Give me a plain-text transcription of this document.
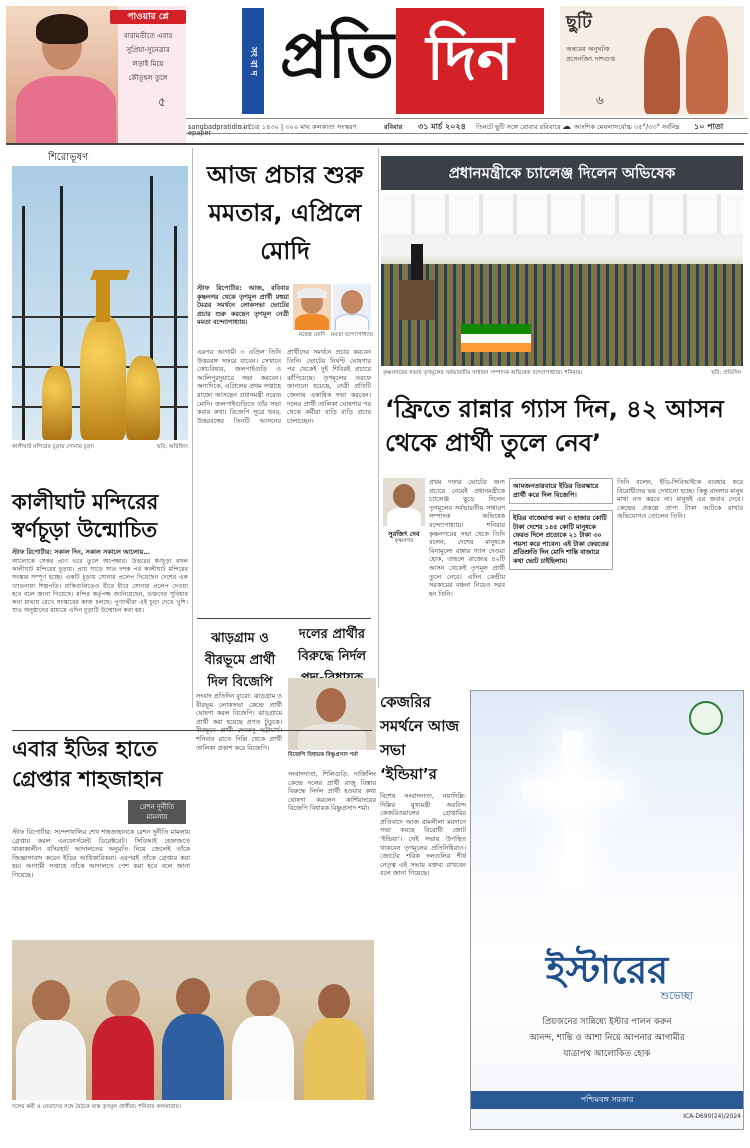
পাওয়ার প্লে
বারামতীতে এবার
সুপ্রিয়া-সুনেত্রার
লড়াই মিয়ে
কৌতূহল তুঙ্গে
৫
সং বা দ প্রতি দিন	ছুটি
অন্তরের অনুঘটক
প্রসেনজিৎ দাশগুপ্ত
৬
sangbadpratidin.in
epaper
১২ চৈত্র ১৪৩০ | ৩০০ মাঘ কলকাতা সংস্করণ	রবিবার ৩১ মার্চ ২০২৪ তিনটে ছুটি সঙ্গে রোবার রবিবারে ☁ আংশিক মেঘলা সর্বোচ্চ ৩৫°/৩৩° সর্বনিম্ন ১০ পাতা
শিরোভূষণ
কালীঘাট মন্দিরের চূড়ায় সোনার চূড়া।	ছবি: অরিজিৎ
কালীঘাট মন্দিরের স্বর্ণচূড়া উন্মোচিত
স্টাফ রিপোর্টার: সকাল দিন, সকাল সকালে আলোয়…
আলোকে সেকর প্রাণ ভরে তুলে অপেক্ষার। উত্তরের স্বর্ণচূড়া বসল কালীঘাট মন্দিরের চূড়ায়। প্রায় সাড়ে সাত দশক পর কালীঘাট মন্দিরের সংস্কার সম্পূর্ণ হচ্ছে। একটি চূড়ায় সোনার প্রলেপ দিয়েছেন দেশের এক খ্যাতনামা শিল্পপতি। বাকিগুলিতেও ধীরে ধীরে সোনার প্রলেপ দেওয়া হবে বলে জানা গিয়েছে। মন্দির কর্তৃপক্ষ জানিয়েছেন, ভক্তদের সুবিধার কথা মাথায় রেখে সংস্কারের কাজ চলছে। পুণ্যার্থীরা এই চূড়া দেখে খুশি। শুভ অনুষ্ঠানের মাধ্যমে এদিন চূড়াটি উন্মোচন করা হয়।
আজ প্রচার শুরু মমতার, এপ্রিলে মোদি
স্টাফ রিপোর্টার: আজ, রবিবার কৃষ্ণনগর থেকে তৃণমূল প্রার্থী মহুয়া মৈত্রর সমর্থনে লোকসভা ভোটের প্রচার শুরু করছেন তৃণমূল নেত্রী মমতা বন্দ্যোপাধ্যায়।
নরেন্দ্র মোদি	মমতা বন্দ্যোপাধ্যায়
এরপর আগামী ৩ এপ্রিল তিনি উত্তরবঙ্গ সফরে যাবেন। সেখানে কোচবিহার, জলপাইগুড়ি ও আলিপুরদুয়ারে সভা করবেন। অন্যদিকে, এপ্রিলের প্রথম সপ্তাহে রাজ্যে আসছেন প্রধানমন্ত্রী নরেন্দ্র মোদি। জলপাইগুড়িতে তাঁর সভা করার কথা। বিজেপি সূত্রে খবর, উত্তরবঙ্গের তিনটি আসনের প্রার্থীদের সমর্থনে প্রচার করবেন তিনি। ভোটের নির্ঘণ্ট ঘোষণার পর থেকেই দুই শিবিরই প্রচারে ঝাঁপিয়েছে। তৃণমূলের তরফে জানানো হয়েছে, নেত্রী প্রতিটি জেলায় একাধিক সভা করবেন। দলের প্রার্থী তালিকা ঘোষণার পর থেকে কর্মীরা বাড়ি বাড়ি প্রচার চালাচ্ছেন।
ঝাড়গ্রাম ও বীরভূমে প্রার্থী দিল বিজেপি
সংবাদ প্রতিদিন ব্যুরো: ঝাড়গ্রাম ও বীরভূম লোকসভা কেন্দ্রে প্রার্থী ঘোষণা করল বিজেপি। ঝাড়গ্রামে প্রার্থী করা হয়েছে প্রণত টুডুকে। শনিবার রাতে দিল্লি থেকে প্রার্থী তালিকা প্রকাশ করে বিজেপি।
দলের প্রার্থীর বিরুদ্ধে নির্দল
বিজেপি বিধায়ক বিষ্ণুপ্রসাদ শর্মা
সংবাদদাতা, শিলিগুড়ি: দার্জিলিং কেন্দ্রে দলের প্রার্থী রাজু বিস্তার বিরুদ্ধে নির্দল প্রার্থী হওয়ার কথা ঘোষণা করলেন কার্শিয়াংয়ের বিজেপি বিধায়ক বিষ্ণুপ্রসাদ শর্মা।
প্রধানমন্ত্রীকে চ্যালেঞ্জ দিলেন অভিষেক
কৃষ্ণনগরের সভায় তৃণমূলের সর্বভারতীয় সাধারণ সম্পাদক অভিষেক বন্দ্যোপাধ্যায়। শনিবার।	ছবি: প্রতিদিন
‘ফ্রিতে রান্নার গ্যাস দিন, ৪২ আসন থেকে প্রার্থী তুলে নেব’
সুরজিৎ দেব
কৃষ্ণনগর
প্রথম দফার ভোটের জন্য প্রচারে নেমেই প্রধানমন্ত্রীকে চ্যালেঞ্জ ছুড়ে দিলেন তৃণমূলের সর্বভারতীয় সাধারণ সম্পাদক অভিষেক বন্দ্যোপাধ্যায়। শনিবার কৃষ্ণনগরের সভা থেকে তিনি বলেন, দেশের মানুষকে বিনামূল্যে রান্নার গ্যাস দেওয়া হোক, তাহলে রাজ্যের ৪২টি আসন থেকেই তৃণমূল প্রার্থী তুলে নেবে। এদিন কেন্দ্রীয় সরকারের বঞ্চনা নিয়েও সরব হন তিনি।
আমজনতারবারে ইডির তিরস্কারে প্রার্থী করে দিল বিজেপি।
ইডির বাজেয়াপ্ত করা ৩ হাজার কোটি টাকা দেশের ১৪৫ কোটি মানুষকে ফেরত দিলে প্রত্যেকে ২১ টাকা ৩০ পয়সা করে পাবেন। এই টাকা ফেরতের প্রতিশ্রুতি দিন মোদি শান্তি বাজারে কথা ভোট চাইছিলাম।
তিনি বলেন, ইডি-সিবিআইকে ব্যবহার করে বিরোধীদের ভয় দেখানো হচ্ছে। কিন্তু বাংলার মানুষ মাথা নত করবে না। মানুষই এর জবাব দেবে। কেন্দ্রের প্রকল্পে প্রাপ্য টাকা আটকে রাখার অভিযোগও তোলেন তিনি।
এবার ইডির হাতে গ্রেপ্তার শাহজাহান
রেশন দুর্নীতি মামলায়
স্টাফ রিপোর্টার: সন্দেশখালির শেখ শাহজাহানকে রেশন দুর্নীতি মামলায় গ্রেপ্তার করল এনফোর্সমেন্ট ডিরেক্টরেট। সিবিআই হেফাজতে থাকাকালীন বসিরহাট আদালতের অনুমতি নিয়ে জেলেই তাঁকে জিজ্ঞাসাবাদ করেন ইডির আধিকারিকরা। এরপরই তাঁকে গ্রেপ্তার করা হয়। আগামী সপ্তাহে তাঁকে আদালতে পেশ করা হবে বলে জানা গিয়েছে।
দলের কর্মী ও নেতাদের সঙ্গে বৈঠকে ব্যস্ত তৃণমূল প্রার্থীরা। শনিবার কলকাতায়।
কেজরির সমর্থনে আজ সভা ‘ইন্ডিয়া’র
বিশেষ সংবাদদাতা, নয়াদিল্লি: দিল্লির মুখ্যমন্ত্রী অরবিন্দ কেজরিওয়ালের গ্রেপ্তারির প্রতিবাদে আজ রামলীলা ময়দানে সভা করছে বিরোধী জোট ‘ইন্ডিয়া’। সেই সভায় উপস্থিত থাকবেন তৃণমূলের প্রতিনিধিরাও। জোটের শরিক দলগুলির শীর্ষ নেতৃত্ব এই সভায় বক্তব্য রাখবেন বলে জানা গিয়েছে।
ইস্টারের
শুভেচ্ছা
প্রিয়জনের সান্নিধ্যে ইস্টার পালন করুন
আনন্দ, শান্তি ও আশা নিয়ে আপনার আগামীর
যাত্রাপথ আলোকিত হোক
পশ্চিমবঙ্গ সরকার
ICA-D690(24)/2024
